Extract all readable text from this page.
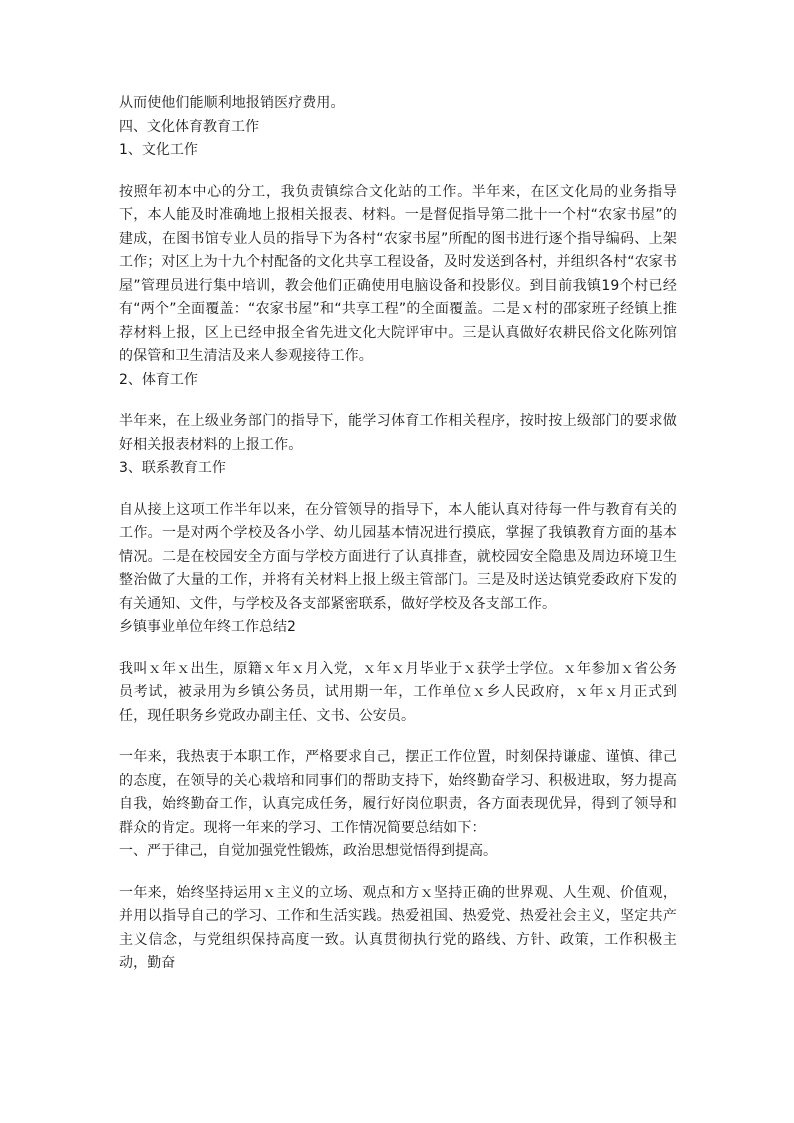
从而使他们能顺利地报销医疗费用。

四、文化体育教育工作

1、文化工作

按照年初本中心的分工，我负责镇综合文化站的工作。半年来，在区文化局的业务指导下，本人能及时准确地上报相关报表、材料。一是督促指导第二批十一个村“农家书屋”的建成，在图书馆专业人员的指导下为各村“农家书屋”所配的图书进行逐个指导编码、上架工作；对区上为十九个村配备的文化共享工程设备，及时发送到各村，并组织各村“农家书屋”管理员进行集中培训，教会他们正确使用电脑设备和投影仪。到目前我镇19个村已经有“两个”全面覆盖：“农家书屋”和“共享工程”的全面覆盖。二是ｘ村的邵家班子经镇上推荐材料上报，区上已经申报全省先进文化大院评审中。三是认真做好农耕民俗文化陈列馆的保管和卫生清洁及来人参观接待工作。

2、体育工作

半年来，在上级业务部门的指导下，能学习体育工作相关程序，按时按上级部门的要求做好相关报表材料的上报工作。

3、联系教育工作

自从接上这项工作半年以来，在分管领导的指导下，本人能认真对待每一件与教育有关的工作。一是对两个学校及各小学、幼儿园基本情况进行摸底，掌握了我镇教育方面的基本情况。二是在校园安全方面与学校方面进行了认真排查，就校园安全隐患及周边环境卫生整治做了大量的工作，并将有关材料上报上级主管部门。三是及时送达镇党委政府下发的有关通知、文件，与学校及各支部紧密联系，做好学校及各支部工作。

乡镇事业单位年终工作总结2

我叫ｘ年ｘ出生，原籍ｘ年ｘ月入党，ｘ年ｘ月毕业于ｘ获学士学位。ｘ年参加ｘ省公务员考试，被录用为乡镇公务员，试用期一年，工作单位ｘ乡人民政府，ｘ年ｘ月正式到任，现任职务乡党政办副主任、文书、公安员。

一年来，我热衷于本职工作，严格要求自己，摆正工作位置，时刻保持谦虚、谨慎、律己的态度，在领导的关心栽培和同事们的帮助支持下，始终勤奋学习、积极进取，努力提高自我，始终勤奋工作，认真完成任务，履行好岗位职责，各方面表现优异，得到了领导和群众的肯定。现将一年来的学习、工作情况简要总结如下：

一、严于律己，自觉加强党性锻炼，政治思想觉悟得到提高。

一年来，始终坚持运用ｘ主义的立场、观点和方ｘ坚持正确的世界观、人生观、价值观，并用以指导自己的学习、工作和生活实践。热爱祖国、热爱党、热爱社会主义，坚定共产主义信念，与党组织保持高度一致。认真贯彻执行党的路线、方针、政策，工作积极主动，勤奋
